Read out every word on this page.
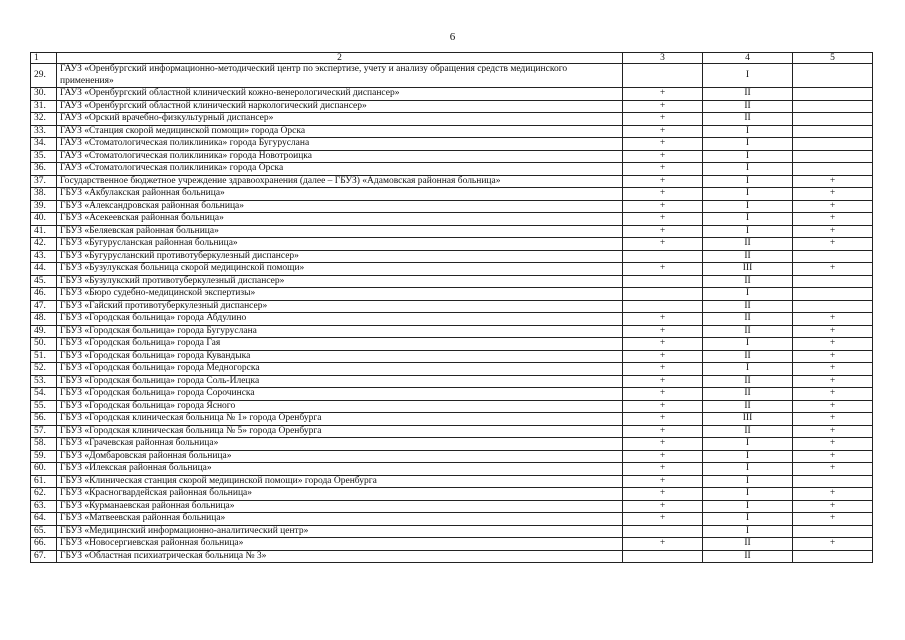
6
1	2	3	4	5
29.	ГАУЗ «Оренбургский информационно-методический центр по экспертизе, учету и анализу обращения средств медицинского применения»		I	
30.	ГАУЗ «Оренбургский областной клинический кожно-венерологический диспансер»	+	II	
31.	ГАУЗ «Оренбургский областной клинический наркологический диспансер»	+	II	
32.	ГАУЗ «Орский врачебно-физкультурный диспансер»	+	II	
33.	ГАУЗ «Станция скорой медицинской помощи» города Орска	+	I	
34.	ГАУЗ «Стоматологическая поликлиника» города Бугурусланa	+	I	
35.	ГАУЗ «Стоматологическая поликлиника» города Новотроицка	+	I	
36.	ГАУЗ «Стоматологическая поликлиника» города Орска	+	I	
37.	Государственное бюджетное учреждение здравоохранения (далее – ГБУЗ) «Адамовская районная больница»	+	I	+
38.	ГБУЗ «Акбулакская районная больница»	+	I	+
39.	ГБУЗ «Александровская районная больница»	+	I	+
40.	ГБУЗ «Асекеевская районная больница»	+	I	+
41.	ГБУЗ «Беляевская районная больница»	+	I	+
42.	ГБУЗ «Бугурусланская районная больница»	+	II	+
43.	ГБУЗ «Бугурусланский противотуберкулезный диспансер»		II	
44.	ГБУЗ «Бузулукская больница скорой медицинской помощи»	+	III	+
45.	ГБУЗ «Бузулукский противотуберкулезный диспансер»		II	
46.	ГБУЗ «Бюро судебно-медицинской экспертизы»		I	
47.	ГБУЗ «Гайский противотуберкулезный диспансер»		II	
48.	ГБУЗ «Городская больница» города Абдулино	+	II	+
49.	ГБУЗ «Городская больница» города Бугуруслана	+	II	+
50.	ГБУЗ «Городская больница» города Гая	+	I	+
51.	ГБУЗ «Городская больница» города Кувандыка	+	II	+
52.	ГБУЗ «Городская больница» города Медногорска	+	I	+
53.	ГБУЗ «Городская больница» города Соль-Илецка	+	II	+
54.	ГБУЗ «Городская больница» города Сорочинска	+	II	+
55.	ГБУЗ «Городская больница» города Ясного	+	II	+
56.	ГБУЗ «Городская клиническая больница № 1» города Оренбурга	+	III	+
57.	ГБУЗ «Городская клиническая больница № 5» города Оренбурга	+	II	+
58.	ГБУЗ «Грачевская районная больница»	+	I	+
59.	ГБУЗ «Домбаровская районная больница»	+	I	+
60.	ГБУЗ «Илекская районная больница»	+	I	+
61.	ГБУЗ «Клиническая станция скорой медицинской помощи» города Оренбурга	+	I	
62.	ГБУЗ «Красногвардейская районная больница»	+	I	+
63.	ГБУЗ «Курманаевская районная больница»	+	I	+
64.	ГБУЗ «Матвеевская районная больница»	+	I	+
65.	ГБУЗ «Медицинский информационно-аналитический центр»		I	
66.	ГБУЗ «Новосергиевская районная больница»	+	II	+
67.	ГБУЗ «Областная психиатрическая больница № 3»		II	
